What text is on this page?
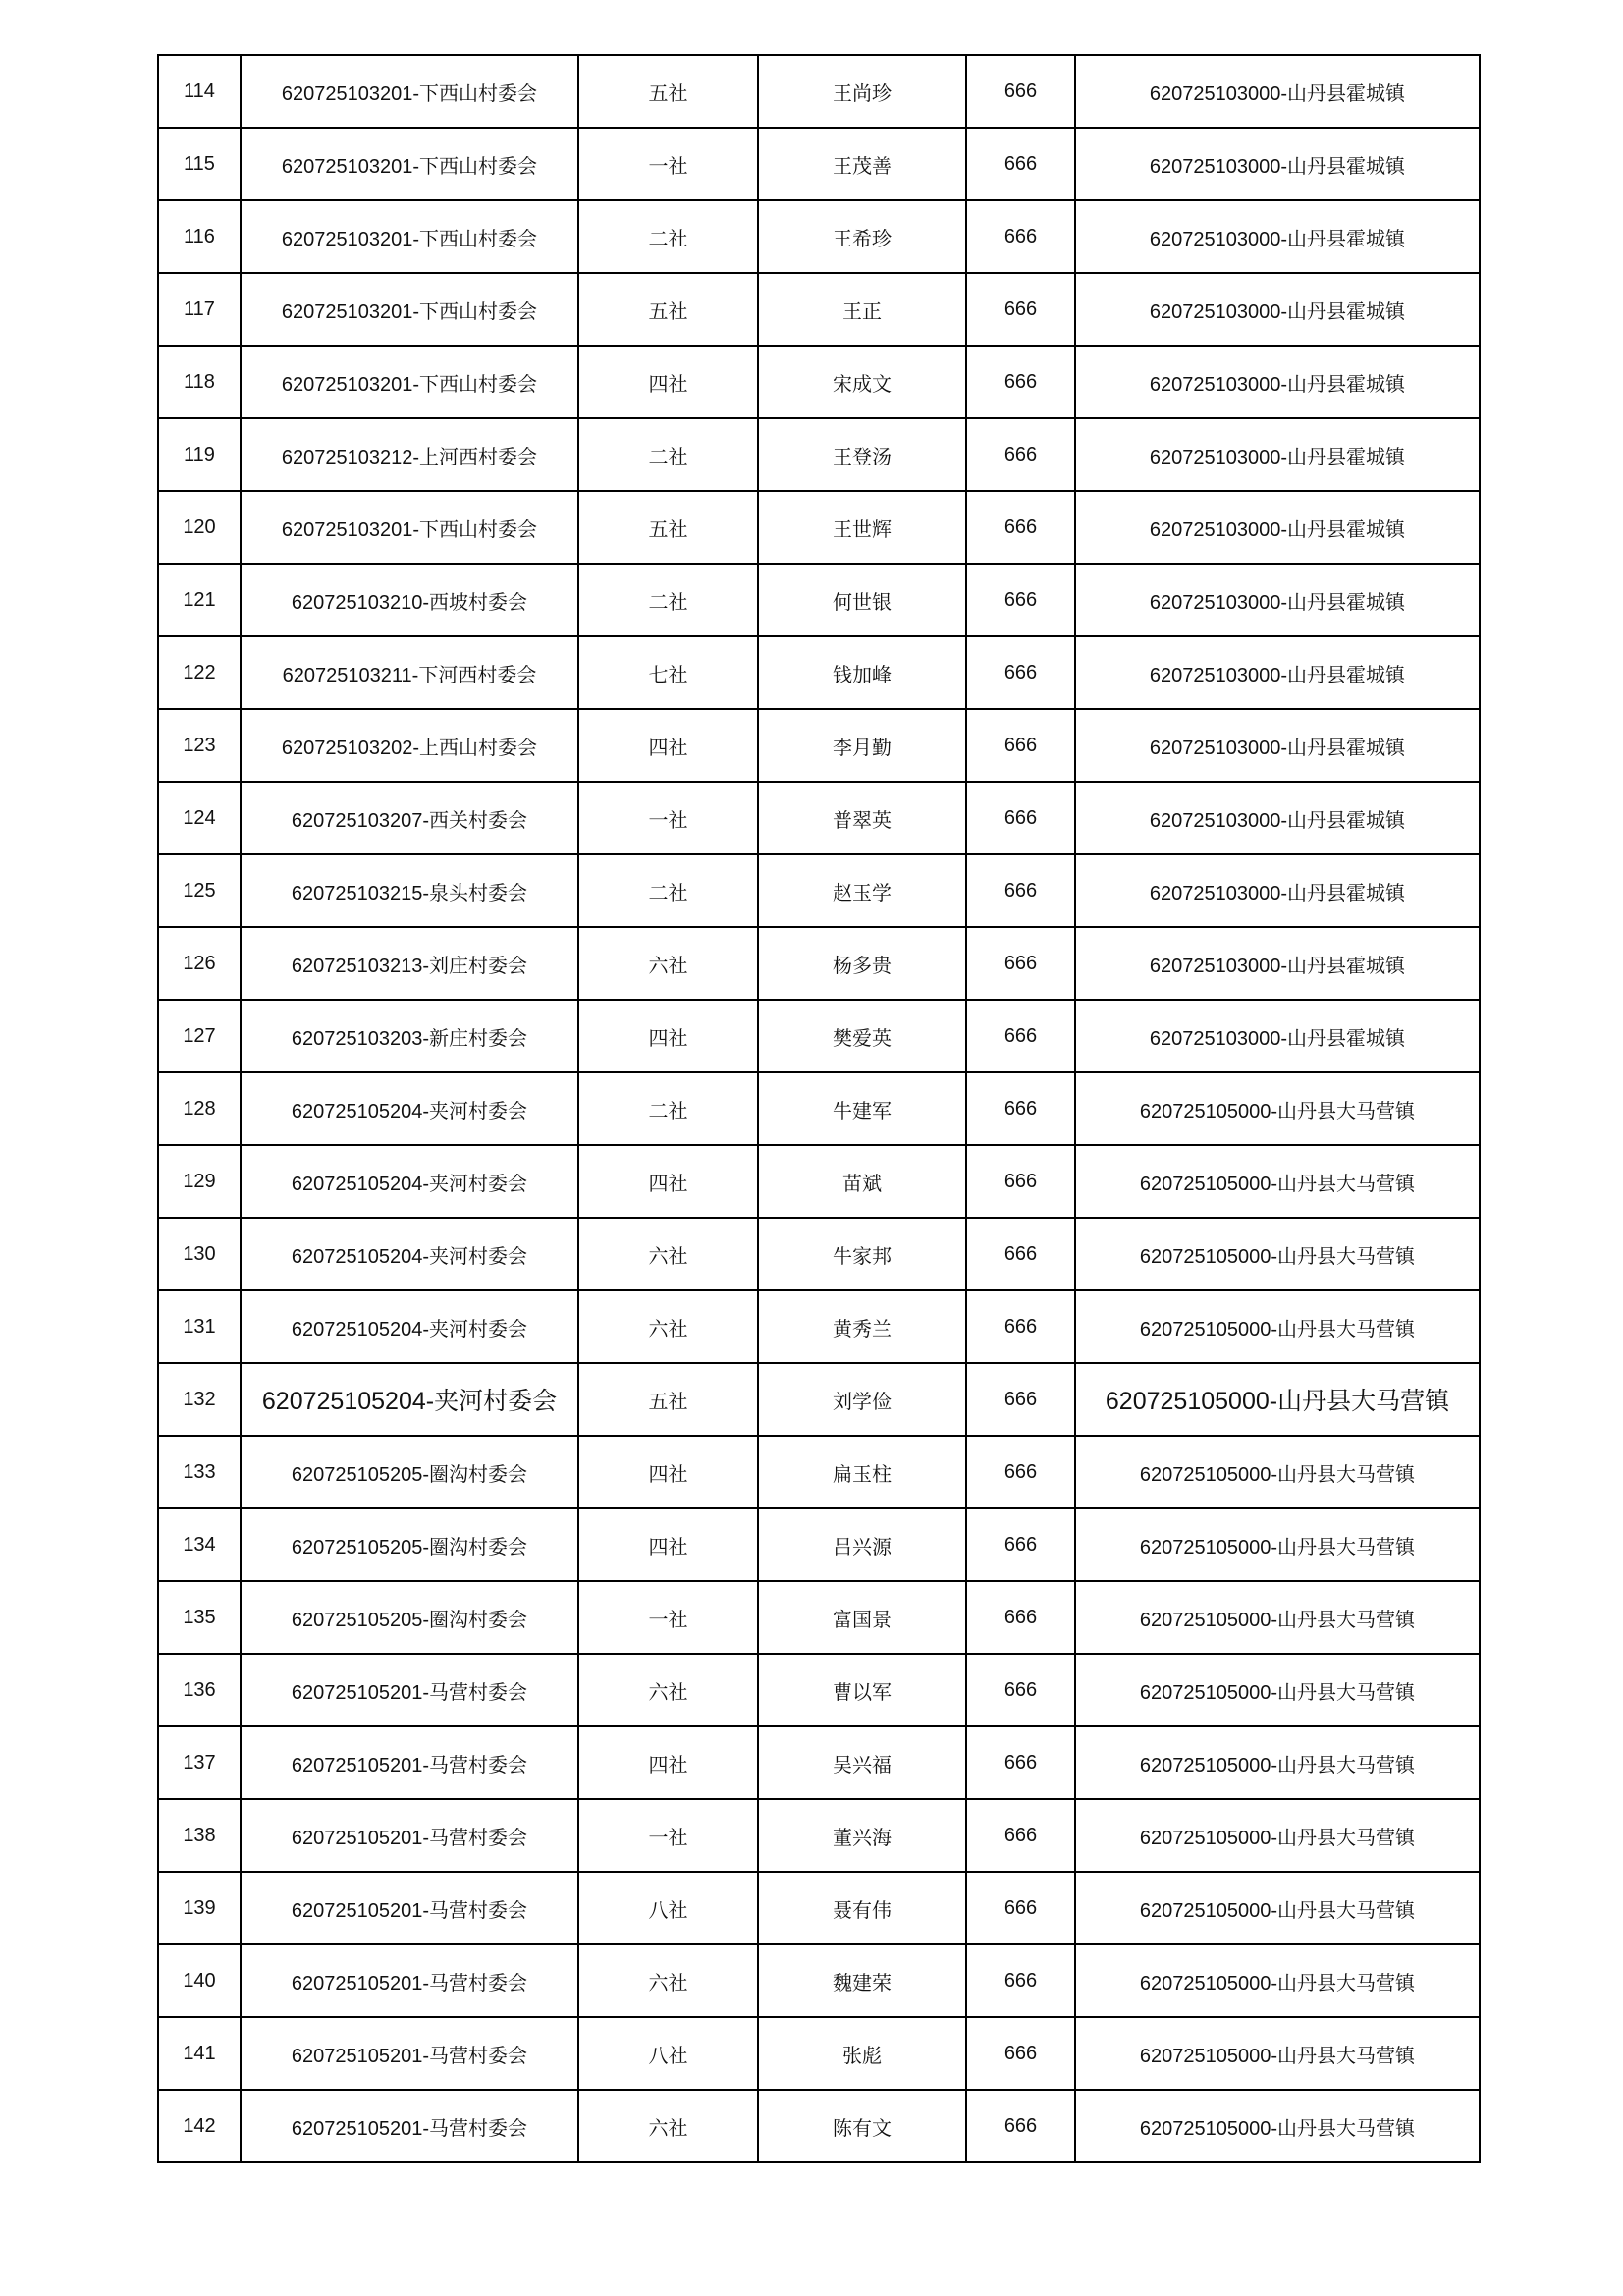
114	620725103201-下西山村委会	五社	王尚珍	666	620725103000-山丹县霍城镇
115	620725103201-下西山村委会	一社	王茂善	666	620725103000-山丹县霍城镇
116	620725103201-下西山村委会	二社	王希珍	666	620725103000-山丹县霍城镇
117	620725103201-下西山村委会	五社	王正	666	620725103000-山丹县霍城镇
118	620725103201-下西山村委会	四社	宋成文	666	620725103000-山丹县霍城镇
119	620725103212-上河西村委会	二社	王登汤	666	620725103000-山丹县霍城镇
120	620725103201-下西山村委会	五社	王世辉	666	620725103000-山丹县霍城镇
121	620725103210-西坡村委会	二社	何世银	666	620725103000-山丹县霍城镇
122	620725103211-下河西村委会	七社	钱加峰	666	620725103000-山丹县霍城镇
123	620725103202-上西山村委会	四社	李月勤	666	620725103000-山丹县霍城镇
124	620725103207-西关村委会	一社	普翠英	666	620725103000-山丹县霍城镇
125	620725103215-泉头村委会	二社	赵玉学	666	620725103000-山丹县霍城镇
126	620725103213-刘庄村委会	六社	杨多贵	666	620725103000-山丹县霍城镇
127	620725103203-新庄村委会	四社	樊爱英	666	620725103000-山丹县霍城镇
128	620725105204-夹河村委会	二社	牛建军	666	620725105000-山丹县大马营镇
129	620725105204-夹河村委会	四社	苗斌	666	620725105000-山丹县大马营镇
130	620725105204-夹河村委会	六社	牛家邦	666	620725105000-山丹县大马营镇
131	620725105204-夹河村委会	六社	黄秀兰	666	620725105000-山丹县大马营镇
132	620725105204-夹河村委会	五社	刘学俭	666	620725105000-山丹县大马营镇
133	620725105205-圈沟村委会	四社	扁玉柱	666	620725105000-山丹县大马营镇
134	620725105205-圈沟村委会	四社	吕兴源	666	620725105000-山丹县大马营镇
135	620725105205-圈沟村委会	一社	富国景	666	620725105000-山丹县大马营镇
136	620725105201-马营村委会	六社	曹以军	666	620725105000-山丹县大马营镇
137	620725105201-马营村委会	四社	吴兴福	666	620725105000-山丹县大马营镇
138	620725105201-马营村委会	一社	董兴海	666	620725105000-山丹县大马营镇
139	620725105201-马营村委会	八社	聂有伟	666	620725105000-山丹县大马营镇
140	620725105201-马营村委会	六社	魏建荣	666	620725105000-山丹县大马营镇
141	620725105201-马营村委会	八社	张彪	666	620725105000-山丹县大马营镇
142	620725105201-马营村委会	六社	陈有文	666	620725105000-山丹县大马营镇
